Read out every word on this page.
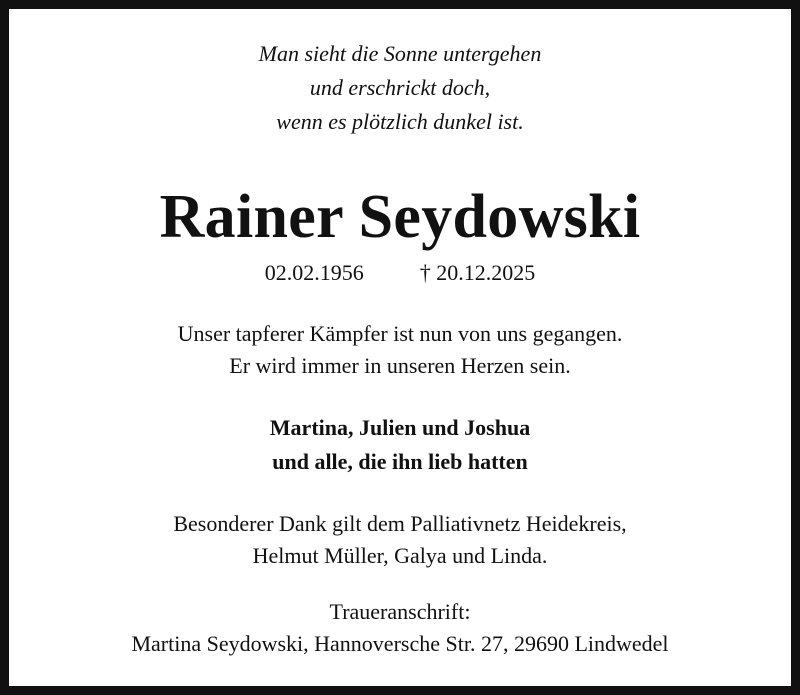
Man sieht die Sonne untergehen
und erschrickt doch,
wenn es plötzlich dunkel ist.
Rainer Seydowski
02.02.1956	† 20.12.2025
Unser tapferer Kämpfer ist nun von uns gegangen.
Er wird immer in unseren Herzen sein.
Martina, Julien und Joshua
und alle, die ihn lieb hatten
Besonderer Dank gilt dem Palliativnetz Heidekreis,
Helmut Müller, Galya und Linda.
Traueranschrift:
Martina Seydowski, Hannoversche Str. 27, 29690 Lindwedel
